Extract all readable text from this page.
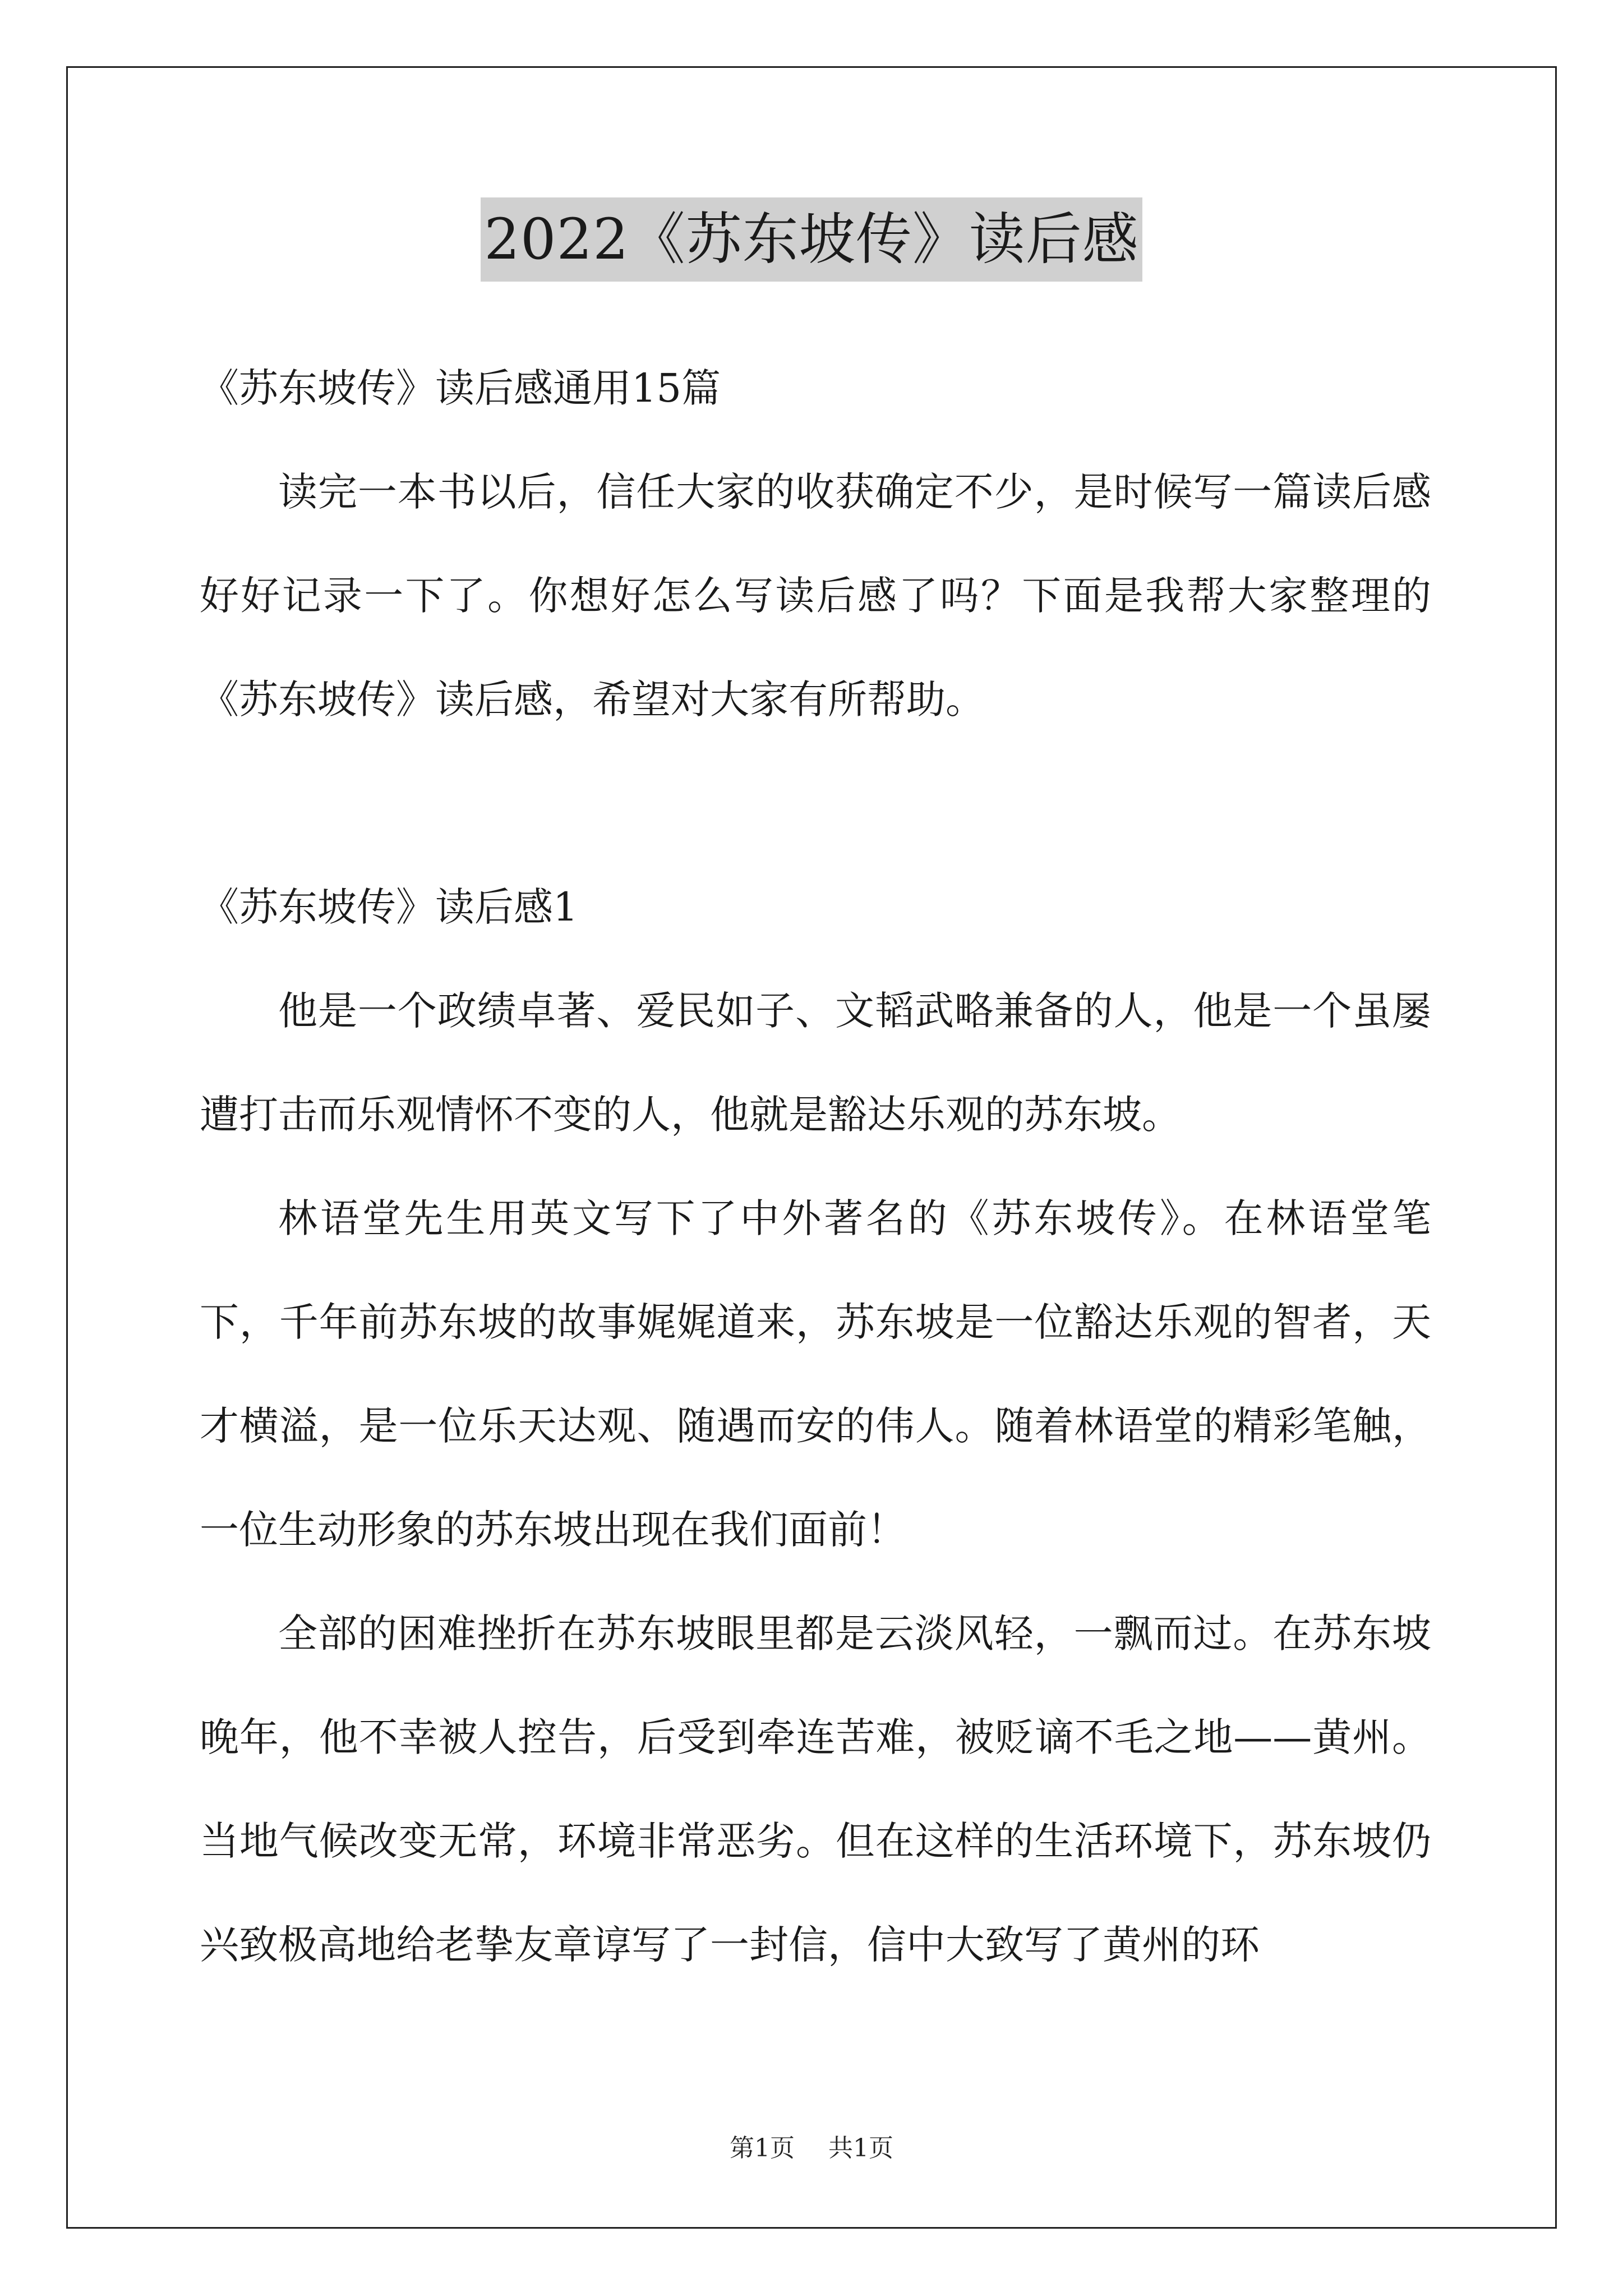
2022《苏东坡传》读后感
《苏东坡传》读后感通用15篇

读完一本书以后，信任大家的收获确定不少，是时候写一篇读后感好好记录一下了。你想好怎么写读后感了吗？下面是我帮大家整理的《苏东坡传》读后感，希望对大家有所帮助。

《苏东坡传》读后感1

他是一个政绩卓著、爱民如子、文韬武略兼备的人，他是一个虽屡遭打击而乐观情怀不变的人，他就是豁达乐观的苏东坡。

林语堂先生用英文写下了中外著名的《苏东坡传》。在林语堂笔下，千年前苏东坡的故事娓娓道来，苏东坡是一位豁达乐观的智者，天才横溢，是一位乐天达观、随遇而安的伟人。随着林语堂的精彩笔触，一位生动形象的苏东坡出现在我们面前！

全部的困难挫折在苏东坡眼里都是云淡风轻，一飘而过。在苏东坡晚年，他不幸被人控告，后受到牵连苦难，被贬谪不毛之地——黄州。当地气候改变无常，环境非常恶劣。但在这样的生活环境下，苏东坡仍兴致极高地给老挚友章谆写了一封信，信中大致写了黄州的环

第1页 共1页
